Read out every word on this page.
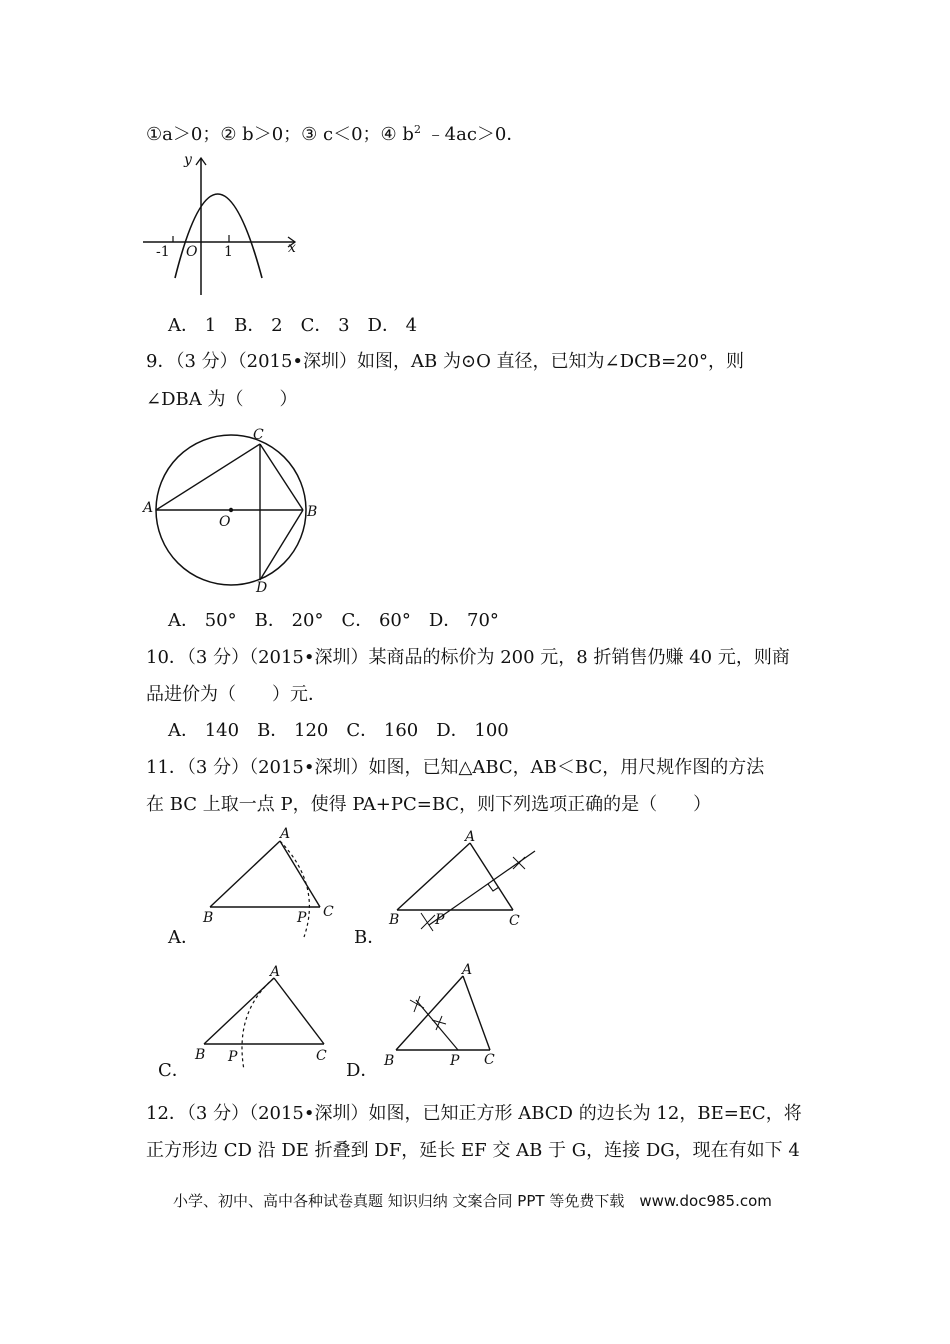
①a＞0；② b＞0；③ c＜0；④ $b^2$ ﹣4ac＞0．
y
x
-1 O 1
A． 1　B． 2　C． 3　D． 4
9．（3 分）（2015•深圳）如图，AB 为⊙O 直径，已知为∠DCB=20°，则
∠DBA 为（　　）
C
A	B
O
D
A． 50°　B． 20°　C． 60°　D． 70°
10．（3 分）（2015•深圳）某商品的标价为 200 元，8 折销售仍赚 40 元，则商
品进价为（　　）元．
A． 140　B． 120　C． 160　D． 100
11．（3 分）（2015•深圳）如图，已知△ABC，AB＜BC，用尺规作图的方法
在 BC 上取一点 P，使得 PA+PC=BC，则下列选项正确的是（　　）
A
B	P C
A．
A
B	P	C
B．
A
B P	C
C．
A
B	P C
D．
12．（3 分）（2015•深圳）如图，已知正方形 ABCD 的边长为 12，BE=EC，将
正方形边 CD 沿 DE 折叠到 DF，延长 EF 交 AB 于 G，连接 DG，现在有如下 4
小学、初中、高中各种试卷真题 知识归纳 文案合同 PPT 等免费下载　www.doc985.com
